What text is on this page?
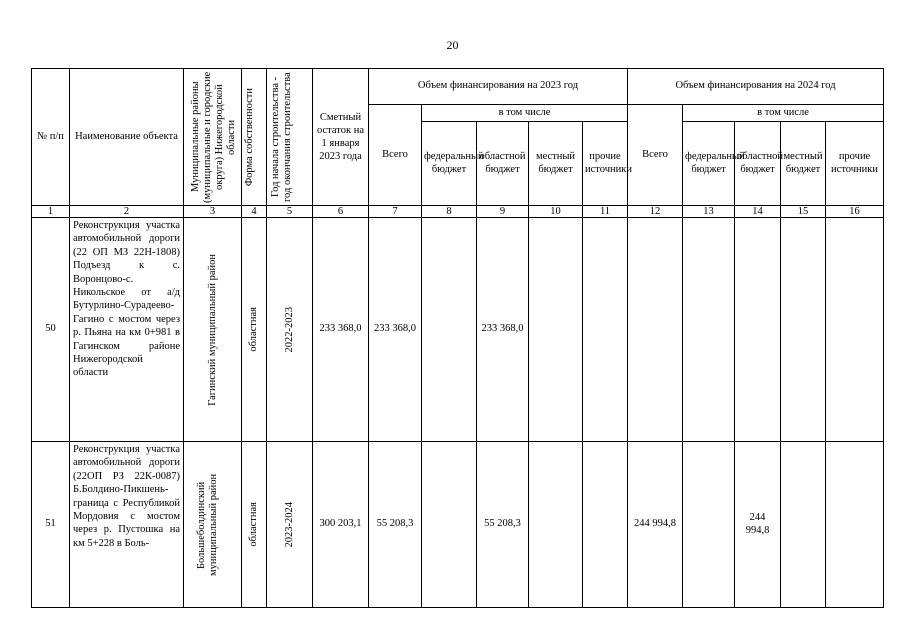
20
№ п/п	Наименование объекта	Муниципальные районы (муниципальные и городские округа) Нижегородской области	Форма собственности	Год начала строительства - год окончания строительства	Сметный остаток на 1 января 2023 года	Объем финансирования на 2023 год					Объем финансирования на 2024 год				
						Всего	в том числе				Всего	в том числе			
							федеральный бюджет	областной бюджет	местный бюджет	прочие источники		федеральный бюджет	областной бюджет	местный бюджет	прочие источники
1	2	3	4	5	6	7	8	9	10	11	12	13	14	15	16
50	Реконструкция участка автомобильной дороги (22 ОП МЗ 22Н-1808) Подъезд к с. Воронцово-с. Никольское от а/д Бутурлино-Сурадеево-Гагино с мостом через р. Пьяна на км 0+981 в Гагинском районе Нижегородской области	Гагинский муниципальный район	областная	2022-2023	233 368,0	233 368,0		233 368,0							
51	Реконструкция участка автомобильной дороги (22ОП РЗ 22К-0087) Б.Болдино-Пикшень-граница с Республикой Мордовия с мостом через р. Пустошка на км 5+228 в Боль-	Большеболдинский муниципальный район	областная	2023-2024	300 203,1	55 208,3		55 208,3			244 994,8		244 994,8		
